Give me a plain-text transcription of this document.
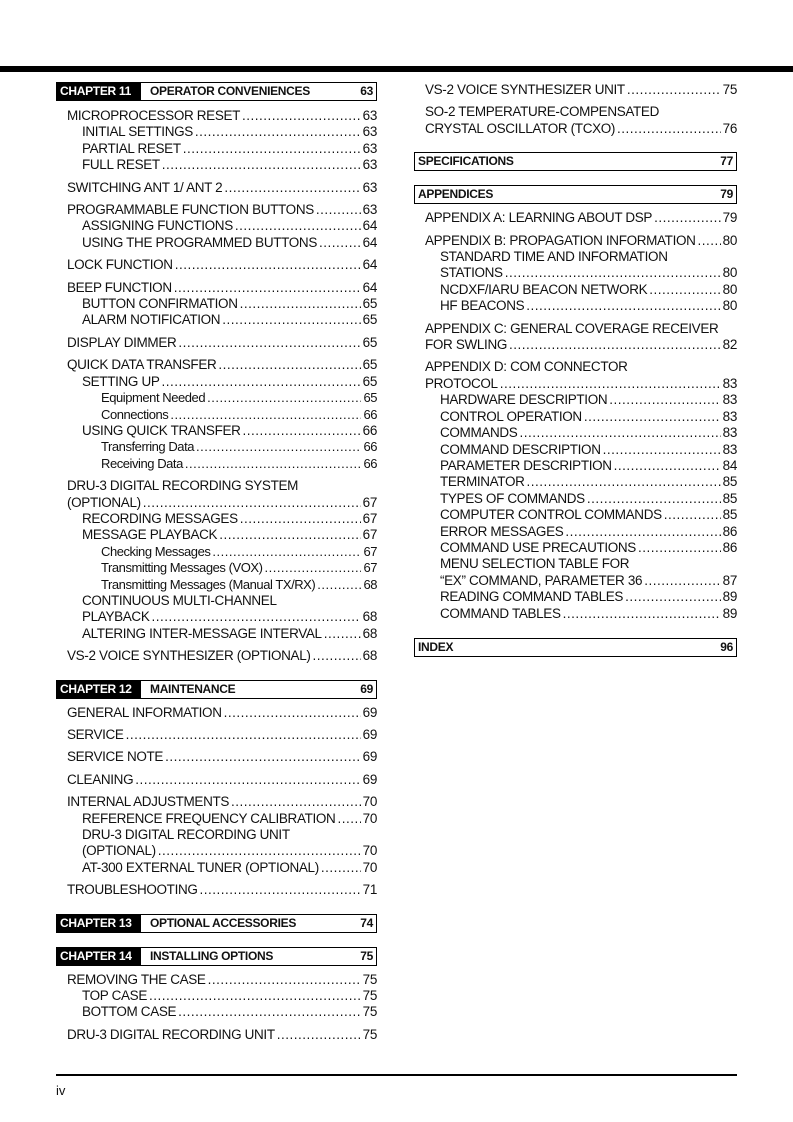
CHAPTER 11	OPERATOR CONVENIENCES	63
MICROPROCESSOR RESET .....	63
INITIAL SETTINGS .....	63
PARTIAL RESET .....	63
FULL RESET .....	63
SWITCHING ANT 1/ ANT 2 .....	63
PROGRAMMABLE FUNCTION BUTTONS .....	63
ASSIGNING FUNCTIONS .....	64
USING THE PROGRAMMED BUTTONS .....	64
LOCK FUNCTION .....	64
BEEP FUNCTION .....	64
BUTTON CONFIRMATION .....	65
ALARM NOTIFICATION .....	65
DISPLAY DIMMER .....	65
QUICK DATA TRANSFER .....	65
SETTING UP .....	65
Equipment Needed .....	65
Connections .....	66
USING QUICK TRANSFER .....	66
Transferring Data .....	66
Receiving Data .....	66
DRU-3 DIGITAL RECORDING SYSTEM
(OPTIONAL) .....	67
RECORDING MESSAGES .....	67
MESSAGE PLAYBACK .....	67
Checking Messages .....	67
Transmitting Messages (VOX) .....	67
Transmitting Messages (Manual TX/RX) .....	68
CONTINUOUS MULTI-CHANNEL
PLAYBACK .....	68
ALTERING INTER-MESSAGE INTERVAL .....	68
VS-2 VOICE SYNTHESIZER (OPTIONAL) .....	68
CHAPTER 12	MAINTENANCE	69
GENERAL INFORMATION .....	69
SERVICE .....	69
SERVICE NOTE .....	69
CLEANING .....	69
INTERNAL ADJUSTMENTS .....	70
REFERENCE FREQUENCY CALIBRATION ..... 70
DRU-3 DIGITAL RECORDING UNIT
(OPTIONAL) .....	70
AT-300 EXTERNAL TUNER (OPTIONAL) .....	70
TROUBLESHOOTING .....	71
CHAPTER 13	OPTIONAL ACCESSORIES	74
CHAPTER 14	INSTALLING OPTIONS	75
REMOVING THE CASE .....	75
TOP CASE .....	75
BOTTOM CASE .....	75
DRU-3 DIGITAL RECORDING UNIT .....	75
VS-2 VOICE SYNTHESIZER UNIT .....	75
SO-2 TEMPERATURE-COMPENSATED
CRYSTAL OSCILLATOR (TCXO) .....	76
SPECIFICATIONS	77
APPENDICES	79
APPENDIX A: LEARNING ABOUT DSP .....	79
APPENDIX B: PROPAGATION INFORMATION ..... 80
STANDARD TIME AND INFORMATION
STATIONS .....	80
NCDXF/IARU BEACON NETWORK .....	80
HF BEACONS .....	80
APPENDIX C: GENERAL COVERAGE RECEIVER
FOR SWLING .....	82
APPENDIX D: COM CONNECTOR
PROTOCOL .....	83
HARDWARE DESCRIPTION .....	83
CONTROL OPERATION .....	83
COMMANDS .....	83
COMMAND DESCRIPTION .....	83
PARAMETER DESCRIPTION .....	84
TERMINATOR .....	85
TYPES OF COMMANDS .....	85
COMPUTER CONTROL COMMANDS .....	85
ERROR MESSAGES .....	86
COMMAND USE PRECAUTIONS .....	86
MENU SELECTION TABLE FOR
“EX” COMMAND, PARAMETER 36 .....	87
READING COMMAND TABLES .....	89
COMMAND TABLES .....	89
INDEX	96
iv
